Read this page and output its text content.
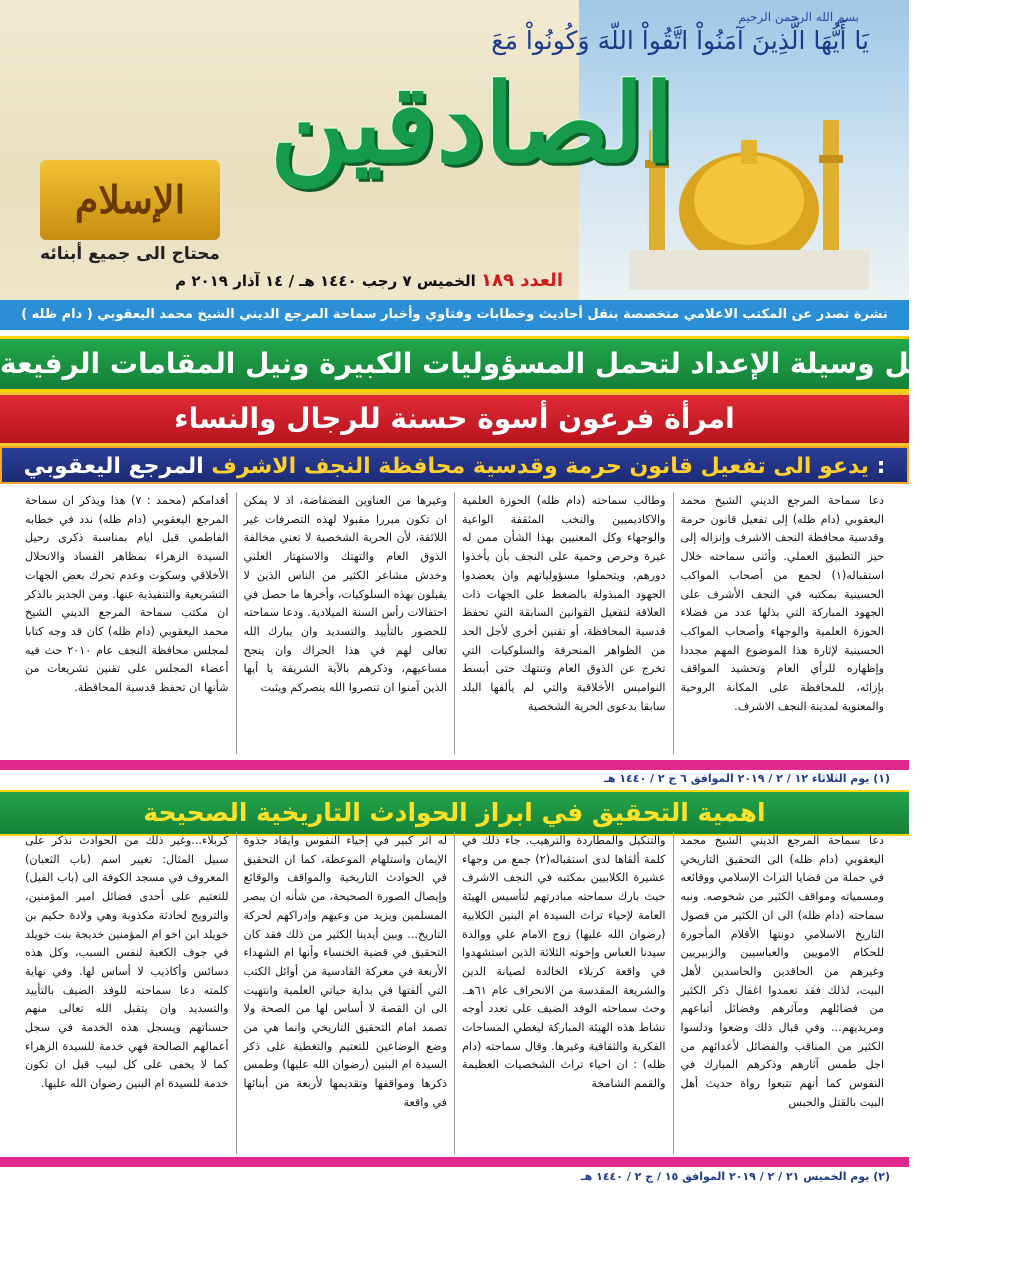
بسم الله الرحمن الرحيم
يَا أَيُّهَا الَّذِينَ آمَنُواْ اتَّقُواْ اللّهَ وَكُونُواْ مَعَ
الصادقين
الإسلام
محتاج الى جميع أبنائه
العدد ١٨٩ الخميس ٧ رجب ١٤٤٠ هـ / ١٤ آذار ٢٠١٩ م
نشرة تصدر عن المكتب الاعلامي متخصصة بنقل أحاديث وخطابات وفتاوي وأخبار سماحة المرجع الديني الشيخ محمد اليعقوبي ( دام ظله )
صلاة الليل وسيلة الإعداد لتحمل المسؤوليات الكبيرة ونيل المقامات الرفيعة
امرأة فرعون أسوة حسنة للرجال والنساء
يدعو الى تفعيل قانون حرمة وقدسية محافظة النجف الاشرف المرجع اليعقوبي :
دعا سماحة المرجع الديني الشيخ محمد اليعقوبي (دام ظله) إلى تفعيل قانون حرمة وقدسية محافظة النجف الاشرف وإنزاله إلى حيز التطبيق العملي. وأثنى سماحته خلال استقباله(١) لجمع من أصحاب المواكب الحسينية بمكتبه في النجف الأشرف على الجهود المباركة التي بذلها عدد من فضلاء الحوزة العلمية والوجهاء وأصحاب المواكب الحسينية لإثارة هذا الموضوع المهم مجددا وإظهاره للرأي العام وتحشيد المواقف بإزائه، للمحافظة على المكانة الروحية والمعنوية لمدينة النجف الاشرف.
وطالب سماحته (دام ظله) الحوزة العلمية والاكاديميين والنخب المثقفة الواعية والوجهاء وكل المعنيين بهذا الشأن ممن له غيرة وحرص وحمية على النجف بأن يأخذوا دورهم، ويتحملوا مسؤولياتهم وان يعضدوا الجهود المبذولة بالضغط على الجهات ذات العلاقة لتفعيل القوانين السابقة التي تحفظ قدسية المحافظة، أو تقنين أخرى لأجل الحد من الظواهر المنحرفة والسلوكيات التي تخرج عن الذوق العام وتنتهك حتى أبسط النواميس الأخلاقية والتي لم يألفها البلد سابقا بدعوى الحرية الشخصية
وغيرها من العناوين الفضفاضة، اذ لا يمكن ان تكون مبررا مقبولا لهذه التصرفات غير اللائقة، لأن الحرية الشخصية لا تعني مخالفة الذوق العام والتهتك والاستهتار العلني وخدش مشاعر الكثير من الناس الذين لا يقبلون بهذه السلوكيات، وأخرها ما حصل في احتفالات رأس السنة الميلادية. ودعا سماحته للحضور بالتأييد والتسديد وان يبارك الله تعالى لهم في هذا الحراك وان ينجح مساعيهم، وذكرهم بالآية الشريفة يا أيها الذين آمنوا ان تنصروا الله ينصركم ويثبت
أقدامكم (محمد : ٧) هذا ويذكر ان سماحة المرجع اليعقوبي (دام ظله) ندد في خطابه الفاطمي قبل ايام بمناسبة ذكرى رحيل السيدة الزهراء بمظاهر الفساد والانحلال الأخلاقي وسكوت وعدم تحرك بعض الجهات التشريعية والتنفيذية عنها. ومن الجدير بالذكر ان مكتب سماحة المرجع الديني الشيخ محمد اليعقوبي (دام ظله) كان قد وجه كتابا لمجلس محافظة النجف عام ٢٠١٠ حث فيه أعضاء المجلس على تقنين تشريعات من شأنها ان تحفظ قدسية المحافظة.
(١) يوم الثلاثاء ١٢ / ٢ / ٢٠١٩ الموافق ٦ ج ٢ / ١٤٤٠ هـ
اهمية التحقيق في ابراز الحوادث التاريخية الصحيحة
دعا سماحة المرجع الديني الشيخ محمد اليعقوبي (دام ظله) الى التحقيق التاريخي في جملة من قضايا التراث الإسلامي ووقائعه ومسمياته ومواقف الكثير من شخوصه. ونبه سماحته (دام ظله) الى ان الكثير من فصول التاريخ الاسلامي دونتها الأقلام المأجورة للحكام الامويين والعباسيين والزبيريين وغيرهم من الحاقدين والحاسدين لأهل البيت، لذلك فقد تعمدوا اغفال ذكر الكثير من فضائلهم ومآثرهم وفضائل أتباعهم ومريديهم... وفي قبال ذلك وضعوا ودلسوا الكثير من المناقب والفضائل لأعدائهم من اجل طمس آثارهم وذكرهم المبارك في النفوس كما أنهم تتبعوا رواة حديث أهل البيت بالقتل والحبس
والتنكيل والمطاردة والترهيب. جاء ذلك في كلمة ألقاها لدى استقباله(٢) جمع من وجهاء عشيرة الكلابيين بمكتبه في النجف الاشرف حيث بارك سماحته مبادرتهم لتأسيس الهيئة العامة لإحياء تراث السيدة ام البنين الكلابية (رضوان الله عليها) زوج الامام علي ووالدة سيدنا العباس وإخوته الثلاثة الذين استشهدوا في واقعة كربلاء الخالدة لصيانة الدين والشريعة المقدسة من الانحراف عام ٦١هـ. وحث سماحته الوفد الضيف على تعدد أوجه نشاط هذه الهيئة المباركة ليغطي المساحات الفكرية والثقافية وغيرها. وقال سماحته (دام ظله) : ان احياء تراث الشخصيات العظيمة والقمم الشامخة
له اثر كبير في إحياء النفوس وايقاد جذوة الإيمان واستلهام الموعظة، كما ان التحقيق في الحوادث التاريخية والمواقف والوقائع وإيصال الصورة الصحيحة، من شأنه ان يبصر المسلمين ويزيد من وعيهم وإدراكهم لحركة التاريخ... وبين أيدينا الكثير من ذلك فقد كان التحقيق في قضية الخنساء وأنها ام الشهداء الأربعة في معركة القادسية من أوائل الكتب التي ألفتها في بداية حياتي العلمية وانتهيت الى ان القصة لا أساس لها من الصحة ولا تصمد امام التحقيق التاريخي وانما هي من وضع الوضاعين للتعتيم والتغطية على ذكر السيدة ام البنين (رضوان الله عليها) وطمس ذكرها ومواقفها وتقديمها لأربعة من أبنائها في واقعة
كربلاء...وغير ذلك من الحوادث نذكر على سبيل المثال: تغيير اسم (باب الثعبان) المعروف في مسجد الكوفة الى (باب الفيل) للتعتيم على أحدى فضائل امير المؤمنين، والترويج لحادثة مكذوبة وهي ولادة حكيم بن خويلد ابن اخو ام المؤمنين خديجة بنت خويلد في جوف الكعبة لنفس السبب، وكل هذه دسائس وأكاذيب لا أساس لها. وفي نهاية كلمته دعا سماحته للوفد الضيف بالتأييد والتسديد وان يتقبل الله تعالى منهم حسناتهم ويسجل هذه الخدمة في سجل أعمالهم الصالحة فهي خدمة للسيدة الزهراء كما لا يخفى على كل لبيب قبل ان تكون خدمة للسيدة ام البنين رضوان الله عليها.
(٢) يوم الخميس ٢١ / ٢ / ٢٠١٩ الموافق ١٥ / ج ٢ / ١٤٤٠ هـ
